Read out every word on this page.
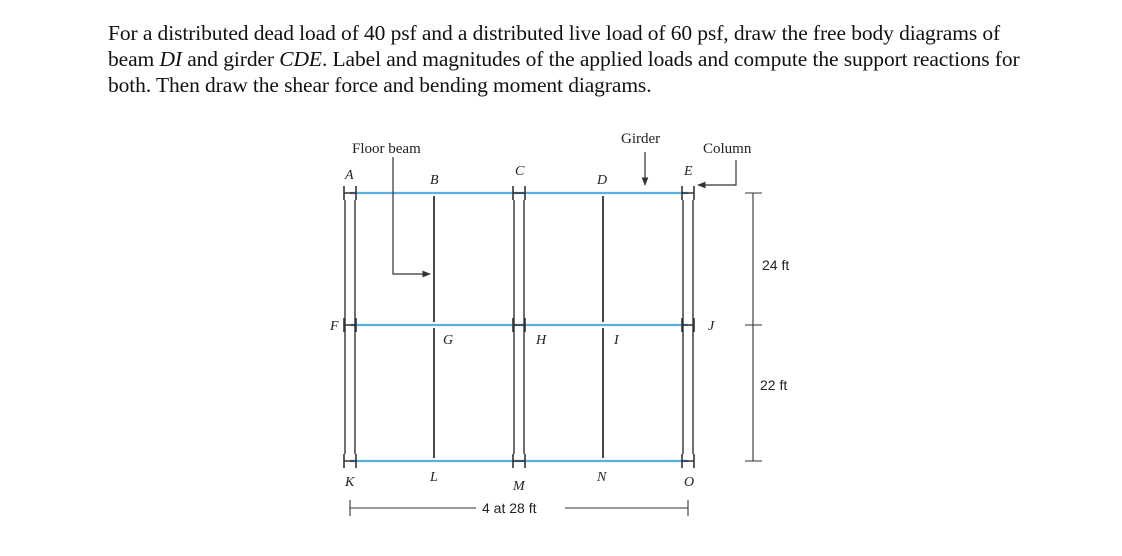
For a distributed dead load of 40 psf and a distributed live load of 60 psf, draw the free body diagrams of beam DI and girder CDE. Label and magnitudes of the applied loads and compute the support reactions for both. Then draw the shear force and bending moment diagrams.

Floor beam
Girder
Column
A	B
C
D
E
F
G	H	I
J
K	L
M
N	O
24 ft
22 ft
4 at 28 ft
